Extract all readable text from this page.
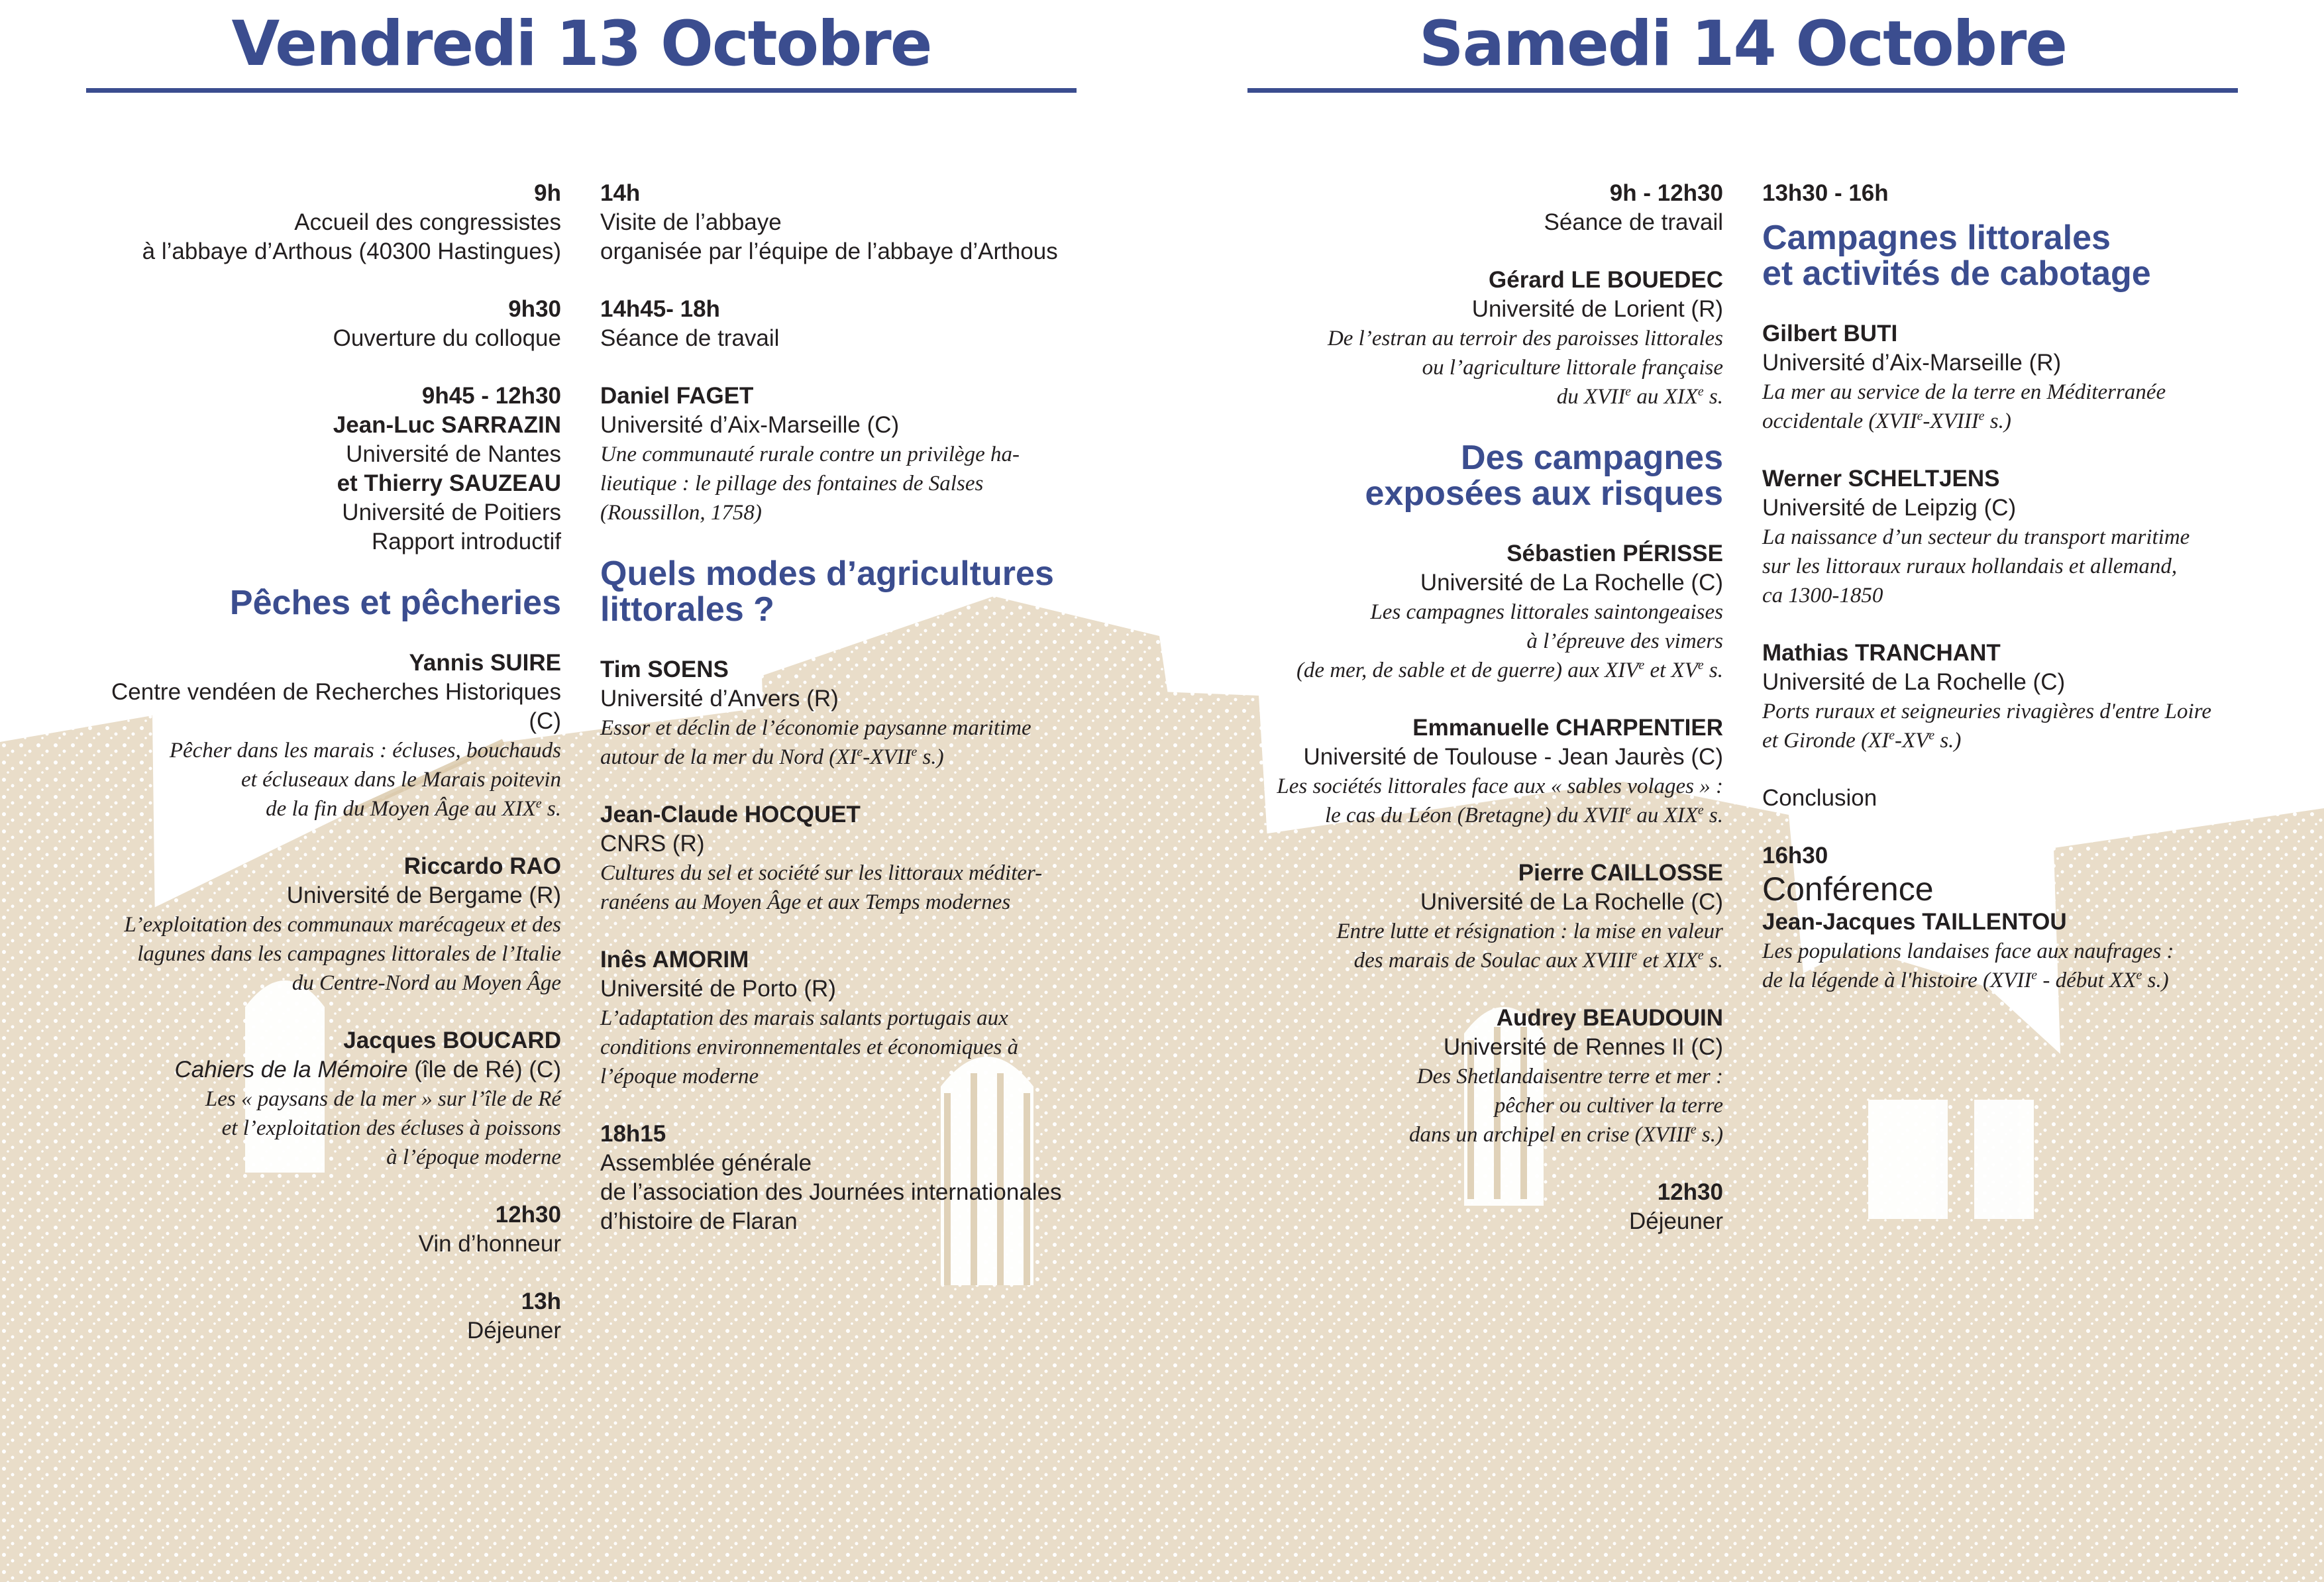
Vendredi 13 Octobre
9h
Accueil des congressistes
à l’abbaye d’Arthous (40300 Hastingues)
9h30
Ouverture du colloque
9h45 - 12h30
Jean-Luc SARRAZIN
Université de Nantes
et Thierry SAUZEAU
Université de Poitiers
Rapport introductif
Pêches et pêcheries
Yannis SUIRE
Centre vendéen de Recherches Historiques
(C)
Pêcher dans les marais : écluses, bouchauds
et écluseaux dans le Marais poitevin
de la fin du Moyen Âge au XIXe s.
Riccardo RAO
Université de Bergame (R)
L’exploitation des communaux marécageux et des
lagunes dans les campagnes littorales de l’Italie
du Centre-Nord au Moyen Âge
Jacques BOUCARD
Cahiers de la Mémoire (île de Ré) (C)
Les « paysans de la mer » sur l’île de Ré
et l’exploitation des écluses à poissons
à l’époque moderne
12h30
Vin d’honneur
13h
Déjeuner
14h
Visite de l’abbaye
organisée par l’équipe de l’abbaye d’Arthous
14h45- 18h
Séance de travail
Daniel FAGET
Université d’Aix-Marseille (C)
Une communauté rurale contre un privilège ha-
lieutique : le pillage des fontaines de Salses
(Roussillon, 1758)
Quels modes d’agricultures
littorales ?
Tim SOENS
Université d’Anvers (R)
Essor et déclin de l’économie paysanne maritime
autour de la mer du Nord (XIe-XVIIe s.)
Jean-Claude HOCQUET
CNRS (R)
Cultures du sel et société sur les littoraux méditer-
ranéens au Moyen Âge et aux Temps modernes
Inês AMORIM
Université de Porto (R)
L’adaptation des marais salants portugais aux
conditions environnementales et économiques à
l’époque moderne
18h15
Assemblée générale
de l’association des Journées internationales
d’histoire de Flaran
Samedi 14 Octobre
9h - 12h30
Séance de travail
Gérard LE BOUEDEC
Université de Lorient (R)
De l’estran au terroir des paroisses littorales
ou l’agriculture littorale française
du XVIIe au XIXe s.
Des campagnes
exposées aux risques
Sébastien PÉRISSE
Université de La Rochelle (C)
Les campagnes littorales saintongeaises
à l’épreuve des vimers
(de mer, de sable et de guerre) aux XIVe et XVe s.
Emmanuelle CHARPENTIER
Université de Toulouse - Jean Jaurès (C)
Les sociétés littorales face aux « sables volages » :
le cas du Léon (Bretagne) du XVIIe au XIXe s.
Pierre CAILLOSSE
Université de La Rochelle (C)
Entre lutte et résignation : la mise en valeur
des marais de Soulac aux XVIIIe et XIXe s.
Audrey BEAUDOUIN
Université de Rennes II (C)
Des Shetlandaisentre terre et mer :
pêcher ou cultiver la terre
dans un archipel en crise (XVIIIe s.)
12h30
Déjeuner
13h30 - 16h
Campagnes littorales
et activités de cabotage
Gilbert BUTI
Université d’Aix-Marseille (R)
La mer au service de la terre en Méditerranée
occidentale (XVIIe-XVIIIe s.)
Werner SCHELTJENS
Université de Leipzig (C)
La naissance d’un secteur du transport maritime
sur les littoraux ruraux hollandais et allemand,
ca 1300-1850
Mathias TRANCHANT
Université de La Rochelle (C)
Ports ruraux et seigneuries rivagières d'entre Loire
et Gironde (XIe-XVe s.)
Conclusion
16h30
Conférence
Jean-Jacques TAILLENTOU
Les populations landaises face aux naufrages :
de la légende à l'histoire (XVIIe - début XXe s.)
